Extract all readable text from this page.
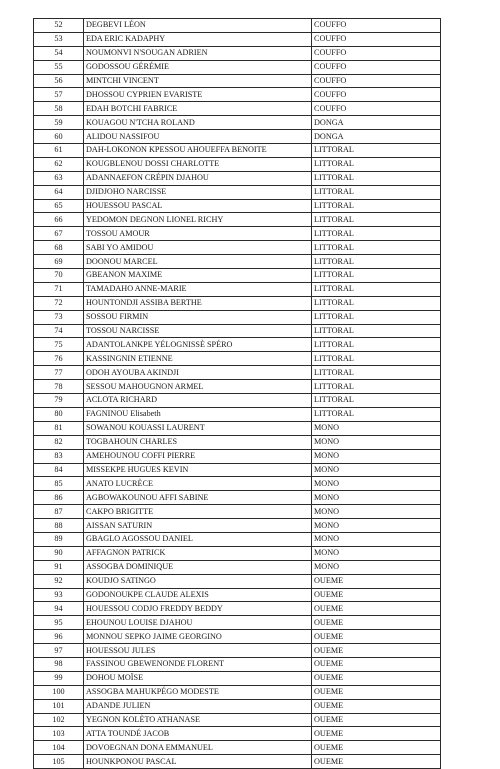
52	DEGBEVI LÉON	COUFFO
53	EDA ERIC KADAPHY	COUFFO
54	NOUMONVI N'SOUGAN ADRIEN	COUFFO
55	GODOSSOU GÉRÉMIE	COUFFO
56	MINTCHI VINCENT	COUFFO
57	DHOSSOU CYPRIEN EVARISTE	COUFFO
58	EDAH BOTCHI FABRICE	COUFFO
59	KOUAGOU N'TCHA ROLAND	DONGA
60	ALIDOU NASSIFOU	DONGA
61	DAH-LOKONON KPESSOU AHOUEFFA BENOITE	LITTORAL
62	KOUGBLENOU DOSSI CHARLOTTE	LITTORAL
63	ADANNAEFON CRÉPIN DJAHOU	LITTORAL
64	DJIDJOHO NARCISSE	LITTORAL
65	HOUESSOU PASCAL	LITTORAL
66	YEDOMON DEGNON LIONEL RICHY	LITTORAL
67	TOSSOU AMOUR	LITTORAL
68	SABI YO AMIDOU	LITTORAL
69	DOONOU MARCEL	LITTORAL
70	GBEANON MAXIME	LITTORAL
71	TAMADAHO ANNE-MARIE	LITTORAL
72	HOUNTONDJI ASSIBA BERTHE	LITTORAL
73	SOSSOU FIRMIN	LITTORAL
74	TOSSOU NARCISSE	LITTORAL
75	ADANTOLANKPE YÉLOGNISSÈ SPÉRO	LITTORAL
76	KASSINGNIN ETIENNE	LITTORAL
77	ODOH AYOUBA AKINDJI	LITTORAL
78	SESSOU MAHOUGNON ARMEL	LITTORAL
79	ACLOTA RICHARD	LITTORAL
80	FAGNINOU Elisabeth	LITTORAL
81	SOWANOU KOUASSI LAURENT	MONO
82	TOGBAHOUN CHARLES	MONO
83	AMEHOUNOU COFFI PIERRE	MONO
84	MISSEKPE HUGUES KEVIN	MONO
85	ANATO LUCRÈCE	MONO
86	AGBOWAKOUNOU AFFI SABINE	MONO
87	CAKPO BRIGITTE	MONO
88	AISSAN SATURIN	MONO
89	GBAGLO AGOSSOU DANIEL	MONO
90	AFFAGNON PATRICK	MONO
91	ASSOGBA DOMINIQUE	MONO
92	KOUDJO SATINGO	OUEME
93	GODONOUKPE CLAUDE ALEXIS	OUEME
94	HOUESSOU CODJO FREDDY BEDDY	OUEME
95	EHOUNOU LOUISE DJAHOU	OUEME
96	MONNOU SEPKO JAIME GEORGINO	OUEME
97	HOUESSOU JULES	OUEME
98	FASSINOU GBEWENONDE FLORENT	OUEME
99	DOHOU MOÏSE	OUEME
100	ASSOGBA MAHUKPÉGO MODESTE	OUEME
101	ADANDE JULIEN	OUEME
102	YEGNON KOLÈTO ATHANASE	OUEME
103	ATTA TOUNDÉ JACOB	OUEME
104	DOVOEGNAN DONA EMMANUEL	OUEME
105	HOUNKPONOU PASCAL	OUEME
